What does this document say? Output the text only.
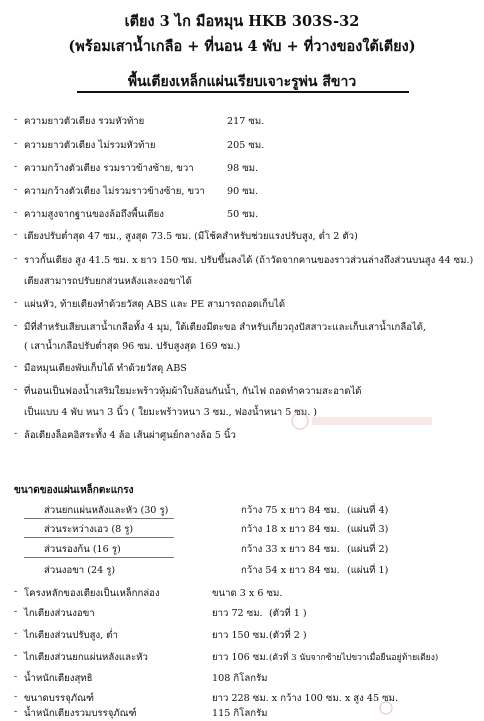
เตียง 3 ไก มือหมุน HKB 303S-32
(พร้อมเสาน้ำเกลือ + ที่นอน 4 พับ + ที่วางของใต้เตียง)
พื้นเตียงเหล็กแผ่นเรียบเจาะรูพ่น สีขาว
- ความยาวตัวเตียง รวมหัวท้าย	217 ซม.
- ความยาวตัวเตียง ไม่รวมหัวท้าย	205 ซม.
- ความกว้างตัวเตียง รวมราวข้างซ้าย, ขวา	98 ซม.
- ความกว้างตัวเตียง ไม่รวมราวข้างซ้าย, ขวา 90 ซม.
- ความสูงจากฐานของล้อถึงพื้นเตียง	50 ซม.
- เตียงปรับต่ำสุด 47 ซม., สูงสุด 73.5 ซม. (มีโช้คสำหรับช่วยแรงปรับสูง, ต่ำ 2 ตัว)
- ราวกั้นเตียง สูง 41.5 ซม. x ยาว 150 ซม. ปรับขึ้นลงได้ (ถ้าวัดจากคานของราวส่วนล่างถึงส่วนบนสูง 44 ซม.)
เตียงสามารถปรับยกส่วนหลังและงอขาได้
- แผ่นหัว, ท้ายเตียงทำด้วยวัสดุ ABS และ PE สามารถถอดเก็บได้
- มีที่สำหรับเสียบเสาน้ำเกลือทั้ง 4 มุม, ใต้เตียงมีตะขอ สำหรับเกี่ยวถุงปัสสาวะและเก็บเสาน้ำเกลือได้,
( เสาน้ำเกลือปรับต่ำสุด 96 ซม. ปรับสูงสุด 169 ซม.)
- มือหมุนเตียงพับเก็บได้ ทำด้วยวัสดุ ABS
- ที่นอนเป็นฟองน้ำเสริมใยมะพร้าวหุ้มผ้าใบล้อนกันน้ำ, กันไฟ ถอดทำความสะอาดได้
เป็นแบบ 4 พับ หนา 3 นิ้ว ( ใยมะพร้าวหนา 3 ซม., ฟองน้ำหนา 5 ซม. )
- ล้อเตียงล็อคอิสระทั้ง 4 ล้อ เส้นผ่าศูนย์กลางล้อ 5 นิ้ว
ขนาดของแผ่นเหล็กตะแกรง
ส่วนยกแผ่นหลังและหัว (30 รู)	กว้าง 75 x ยาว 84 ซม. (แผ่นที่ 4)
ส่วนระหว่างเอว (8 รู)	กว้าง 18 x ยาว 84 ซม. (แผ่นที่ 3)
ส่วนรองก้น (16 รู)	กว้าง 33 x ยาว 84 ซม. (แผ่นที่ 2)
ส่วนงอขา (24 รู)	กว้าง 54 x ยาว 84 ซม. (แผ่นที่ 1)
- โครงหลักของเตียงเป็นเหล็กกล่อง	ขนาด 3 x 6 ซม.
- ไกเตียงส่วนงอขา	ยาว 72 ซม. (ตัวที่ 1 )
- ไกเตียงส่วนปรับสูง, ต่ำ	ยาว 150 ซม. (ตัวที่ 2 )
- ไกเตียงส่วนยกแผ่นหลังและหัว	ยาว 106 ซม. (ตัวที่ 3 นับจากซ้ายไปขวาเมื่อยืนอยู่ท้ายเตียง)
- น้ำหนักเตียงสุทธิ	108 กิโลกรัม
- ขนาดบรรจุภัณฑ์	ยาว 228 ซม. x กว้าง 100 ซม. x สูง 45 ซม.
- น้ำหนักเตียงรวมบรรจุภัณฑ์	115 กิโลกรัม
